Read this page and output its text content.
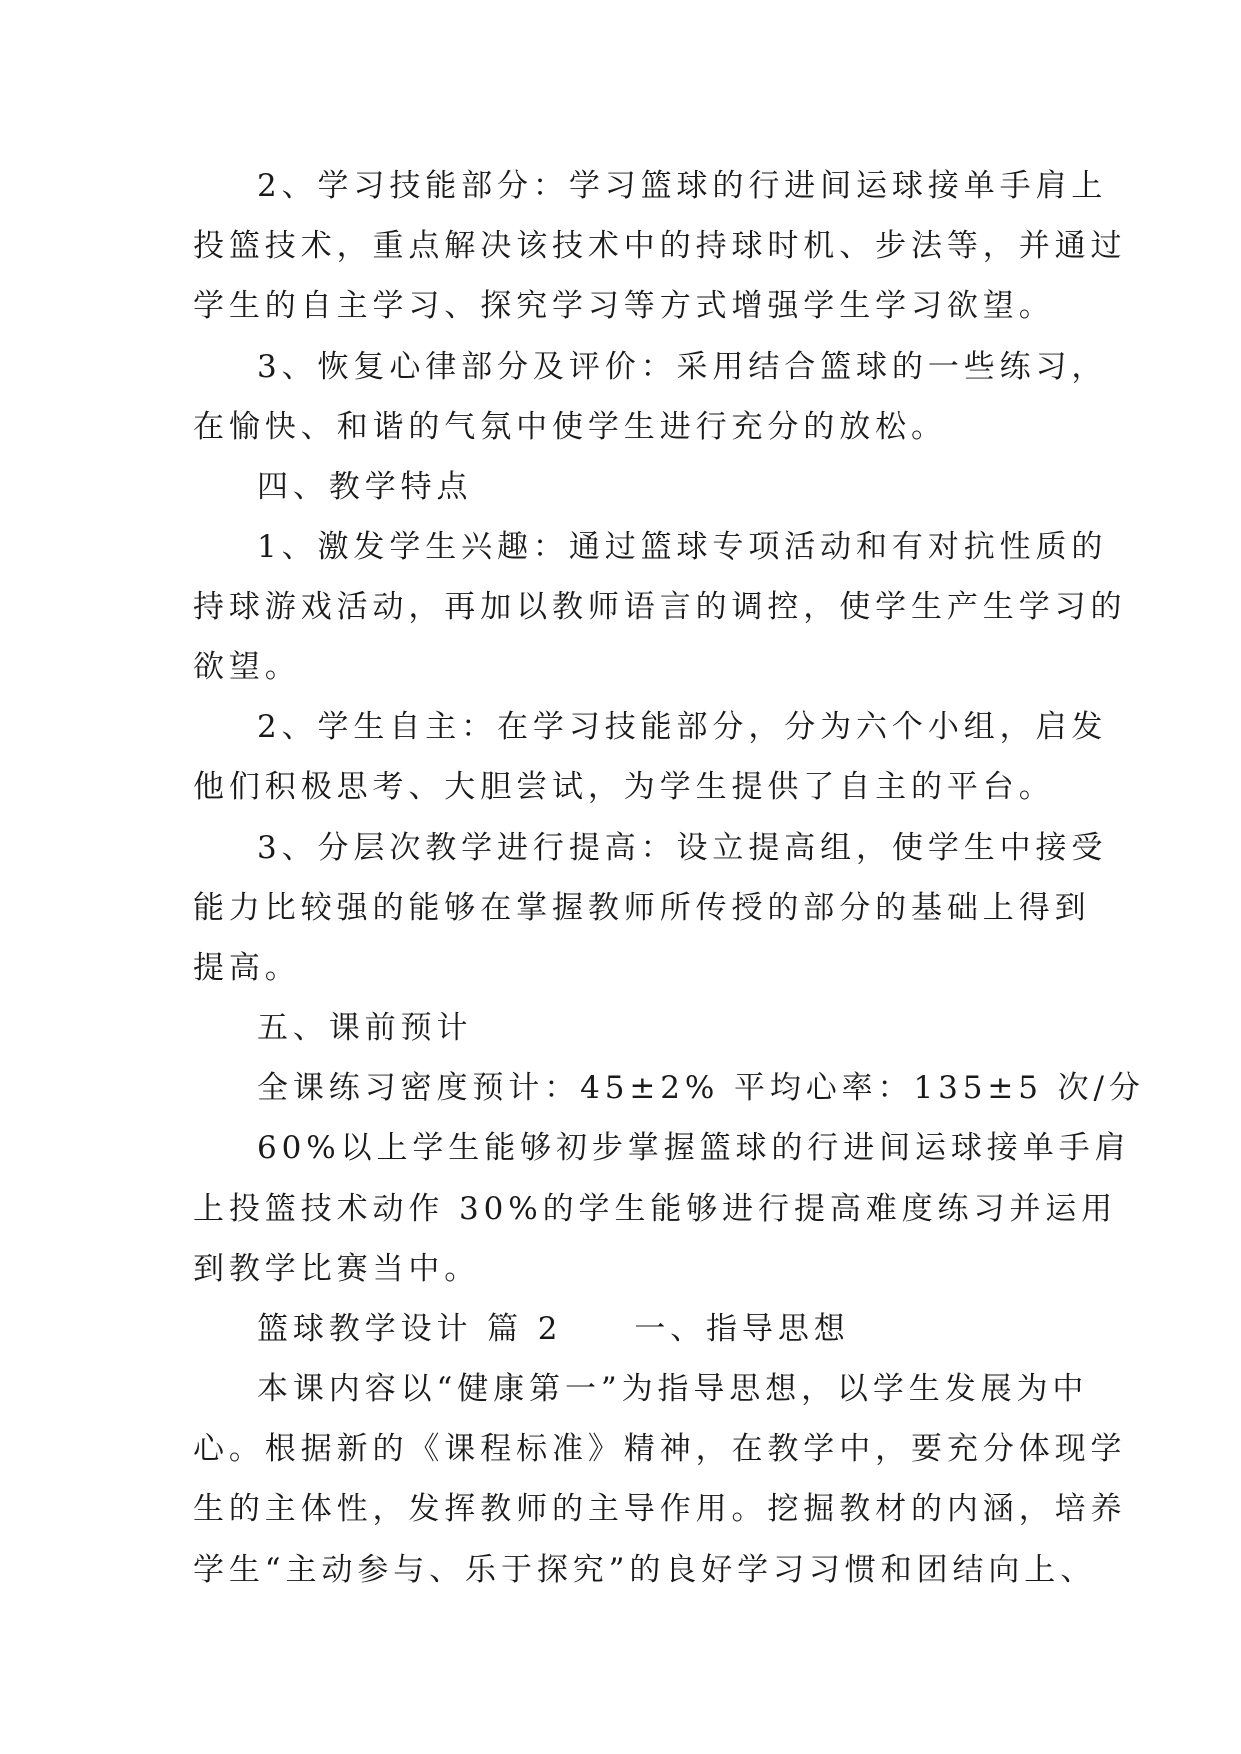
2、学习技能部分：学习篮球的行进间运球接单手肩上
投篮技术，重点解决该技术中的持球时机、步法等，并通过
学生的自主学习、探究学习等方式增强学生学习欲望。
3、恢复心律部分及评价：采用结合篮球的一些练习，
在愉快、和谐的气氛中使学生进行充分的放松。
四、教学特点
1、激发学生兴趣：通过篮球专项活动和有对抗性质的
持球游戏活动，再加以教师语言的调控，使学生产生学习的
欲望。
2、学生自主：在学习技能部分，分为六个小组，启发
他们积极思考、大胆尝试，为学生提供了自主的平台。
3、分层次教学进行提高：设立提高组，使学生中接受
能力比较强的能够在掌握教师所传授的部分的基础上得到
提高。
五、课前预计
全课练习密度预计：45±2% 平均心率：135±5 次/分
60%以上学生能够初步掌握篮球的行进间运球接单手肩
上投篮技术动作 30%的学生能够进行提高难度练习并运用
到教学比赛当中。
篮球教学设计 篇 2　　一、指导思想
本课内容以“健康第一”为指导思想，以学生发展为中
心。根据新的《课程标准》精神，在教学中，要充分体现学
生的主体性，发挥教师的主导作用。挖掘教材的内涵，培养
学生“主动参与、乐于探究”的良好学习习惯和团结向上、
